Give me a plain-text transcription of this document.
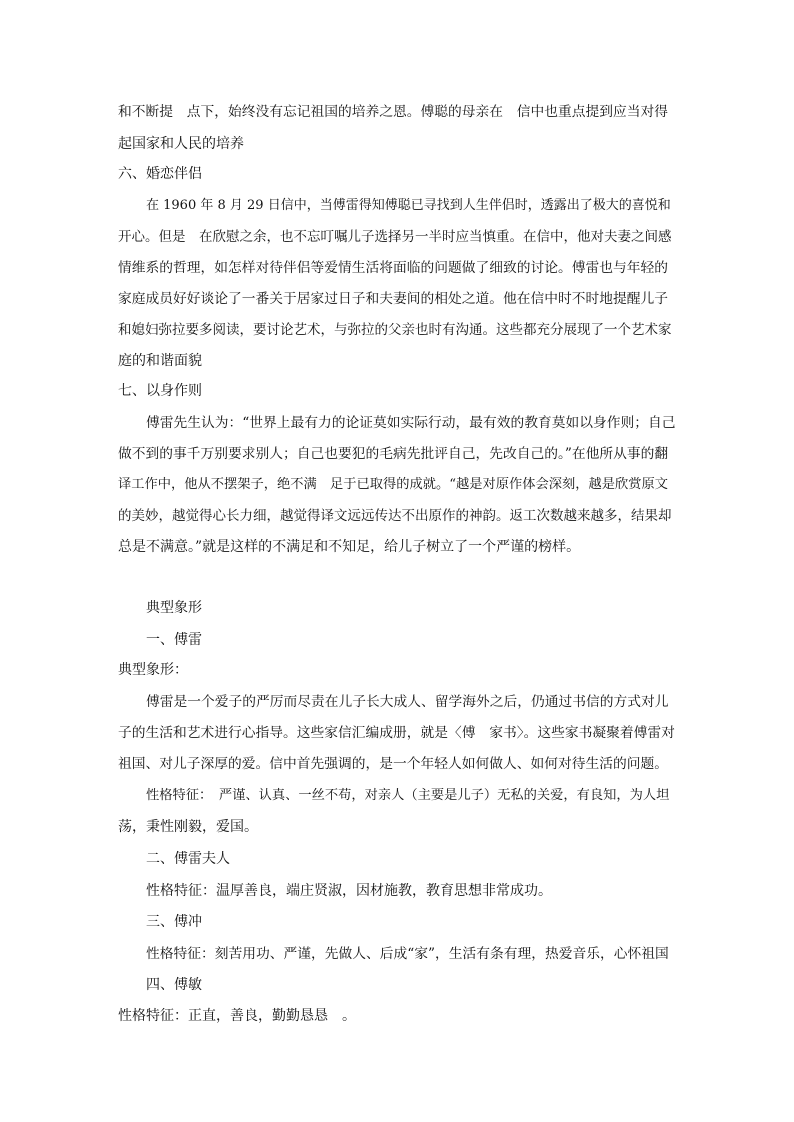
和不断提　点下，始终没有忘记祖国的培养之恩。傅聪的母亲在　信中也重点提到应当对得
起国家和人民的培养
六、婚恋伴侣
在 1960 年 8 月 29 日信中，当傅雷得知傅聪已寻找到人生伴侣时，透露出了极大的喜悦和
开心。但是　在欣慰之余，也不忘叮嘱儿子选择另一半时应当慎重。在信中，他对夫妻之间感
情维系的哲理，如怎样对待伴侣等爱情生活将面临的问题做了细致的讨论。傅雷也与年轻的
家庭成员好好谈论了一番关于居家过日子和夫妻间的相处之道。他在信中时不时地提醒儿子
和媳妇弥拉要多阅读，要讨论艺术，与弥拉的父亲也时有沟通。这些都充分展现了一个艺术家
庭的和谐面貌
七、以身作则
傅雷先生认为：“世界上最有力的论证莫如实际行动，最有效的教育莫如以身作则；自己
做不到的事千万别要求别人；自己也要犯的毛病先批评自己，先改自己的。”在他所从事的翻
译工作中，他从不摆架子，绝不满　足于已取得的成就。“越是对原作体会深刻，越是欣赏原文
的美妙，越觉得心长力细，越觉得译文远远传达不出原作的神韵。返工次数越来越多，结果却
总是不满意。”就是这样的不满足和不知足，给儿子树立了一个严谨的榜样。
典型象形
一、傅雷
典型象形：
傅雷是一个爱子的严厉而尽责在儿子长大成人、留学海外之后，仍通过书信的方式对儿
子的生活和艺术进行心指导。这些家信汇编成册，就是〈傅　家书〉。这些家书凝聚着傅雷对
祖国、对儿子深厚的爱。信中首先强调的，是一个年轻人如何做人、如何对待生活的问题。
性格特征：　严谨、认真、一丝不苟，对亲人（主要是儿子）无私的关爱，有良知，为人坦
荡，秉性刚毅，爱国。
二、傅雷夫人
性格特征：温厚善良，端庄贤淑，因材施教，教育思想非常成功。
三、傅冲
性格特征：刻苦用功、严谨，先做人、后成“家”，生活有条有理，热爱音乐，心怀祖国
四、傅敏
性格特征：正直，善良，勤勤恳恳　。
